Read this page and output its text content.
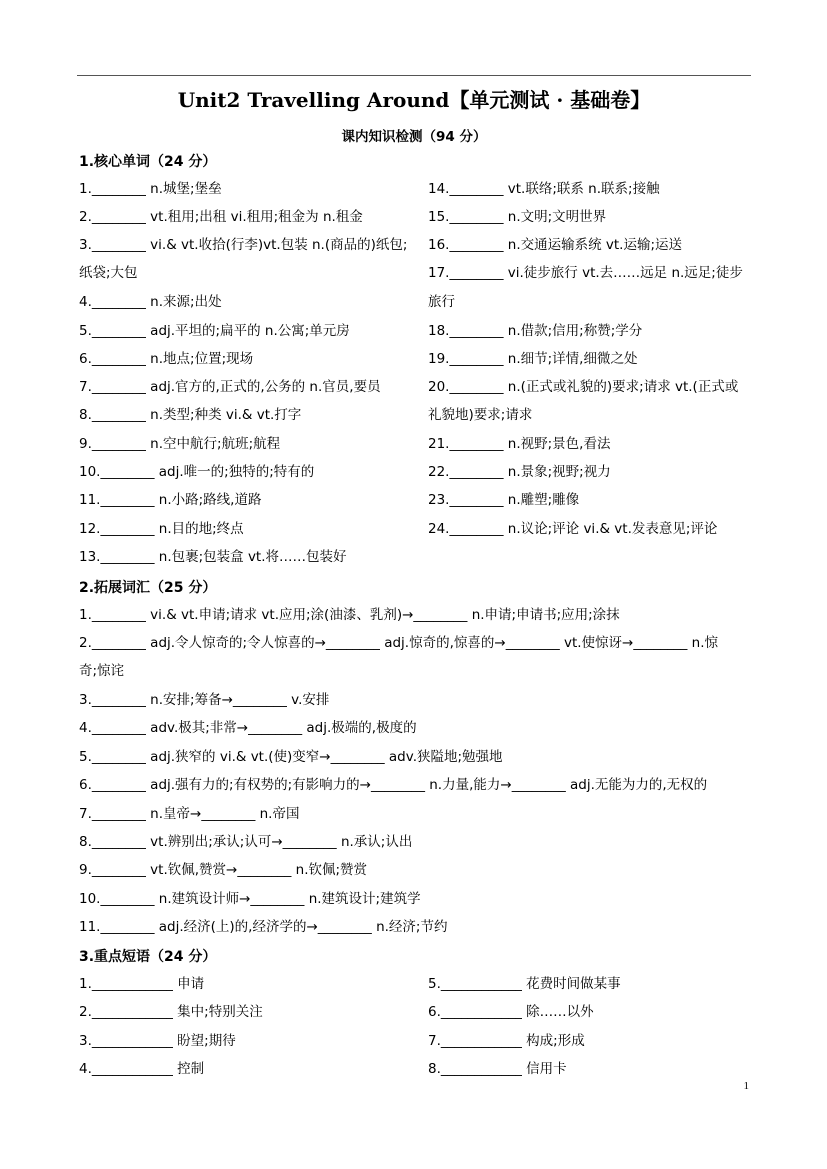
Unit2 Travelling Around【单元测试 · 基础卷】
课内知识检测（94 分）
1.核心单词（24 分）
1.________ n.城堡;堡垒
2.________ vt.租用;出租 vi.租用;租金为 n.租金
3.________ vi.& vt.收拾(行李)vt.包装 n.(商品的)纸包;
纸袋;大包
4.________ n.来源;出处
5.________ adj.平坦的;扁平的 n.公寓;单元房
6.________ n.地点;位置;现场
7.________ adj.官方的,正式的,公务的 n.官员,要员
8.________ n.类型;种类 vi.& vt.打字
9.________ n.空中航行;航班;航程
10.________ adj.唯一的;独特的;特有的
11.________ n.小路;路线,道路
12.________ n.目的地;终点
13.________ n.包裹;包装盒 vt.将……包装好
14.________ vt.联络;联系 n.联系;接触
15.________ n.文明;文明世界
16.________ n.交通运输系统 vt.运输;运送
17.________ vi.徒步旅行 vt.去……远足 n.远足;徒步
旅行
18.________ n.借款;信用;称赞;学分
19.________ n.细节;详情,细微之处
20.________ n.(正式或礼貌的)要求;请求 vt.(正式或
礼貌地)要求;请求
21.________ n.视野;景色,看法
22.________ n.景象;视野;视力
23.________ n.雕塑;雕像
24.________ n.议论;评论 vi.& vt.发表意见;评论
2.拓展词汇（25 分）
1.________ vi.& vt.申请;请求 vt.应用;涂(油漆、乳剂)→________ n.申请;申请书;应用;涂抹
2.________ adj.令人惊奇的;令人惊喜的→________ adj.惊奇的,惊喜的→________ vt.使惊讶→________ n.惊
奇;惊诧
3.________ n.安排;筹备→________ v.安排
4.________ adv.极其;非常→________ adj.极端的,极度的
5.________ adj.狭窄的 vi.& vt.(使)变窄→________ adv.狭隘地;勉强地
6.________ adj.强有力的;有权势的;有影响力的→________ n.力量,能力→________ adj.无能为力的,无权的
7.________ n.皇帝→________ n.帝国
8.________ vt.辨别出;承认;认可→________ n.承认;认出
9.________ vt.钦佩,赞赏→________ n.钦佩;赞赏
10.________ n.建筑设计师→________ n.建筑设计;建筑学
11.________ adj.经济(上)的,经济学的→________ n.经济;节约
3.重点短语（24 分）
1.____________ 申请
2.____________ 集中;特别关注
3.____________ 盼望;期待
4.____________ 控制
5.____________ 花费时间做某事
6.____________ 除……以外
7.____________ 构成;形成
8.____________ 信用卡
1
